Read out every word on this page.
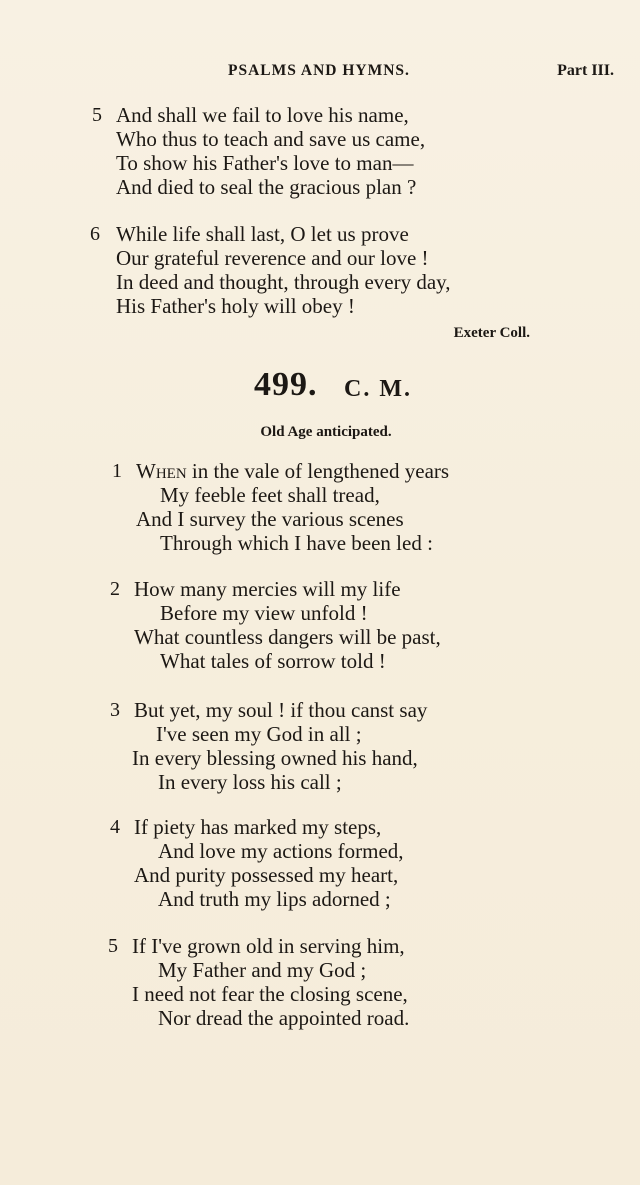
PSALMS AND HYMNS.	Part III.
5 And shall we fail to love his name,
Who thus to teach and save us came,
To show his Father's love to man—
And died to seal the gracious plan ?
6 While life shall last, O let us prove
Our grateful reverence and our love !
In deed and thought, through every day,
His Father's holy will obey !
Exeter Coll.
499. C. M.
Old Age anticipated.
1 When in the vale of lengthened years
My feeble feet shall tread,
And I survey the various scenes
Through which I have been led :
2 How many mercies will my life
Before my view unfold !
What countless dangers will be past,
What tales of sorrow told !
3 But yet, my soul ! if thou canst say
I've seen my God in all ;
In every blessing owned his hand,
In every loss his call ;
4 If piety has marked my steps,
And love my actions formed,
And purity possessed my heart,
And truth my lips adorned ;
5 If I've grown old in serving him,
My Father and my God ;
I need not fear the closing scene,
Nor dread the appointed road.
